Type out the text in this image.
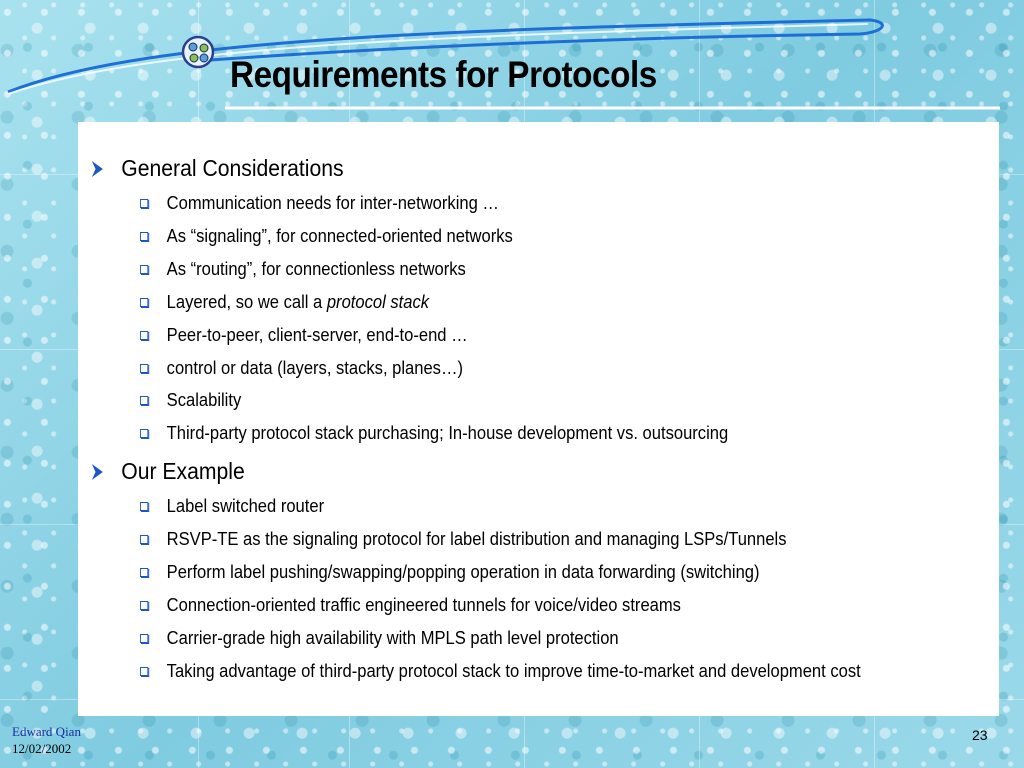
Requirements for Protocols
General Considerations
Communication needs for inter-networking …
As “signaling”, for connected-oriented networks
As “routing”, for connectionless networks
Layered, so we call a protocol stack
Peer-to-peer, client-server, end-to-end …
control or data (layers, stacks, planes…)
Scalability
Third-party protocol stack purchasing; In-house development vs. outsourcing
Our Example
Label switched router
RSVP-TE as the signaling protocol for label distribution and managing LSPs/Tunnels
Perform label pushing/swapping/popping operation in data forwarding (switching)
Connection-oriented traffic engineered tunnels for voice/video streams
Carrier-grade high availability with MPLS path level protection
Taking advantage of third-party protocol stack to improve time-to-market and development cost
Edward Qian
12/02/2002
23
